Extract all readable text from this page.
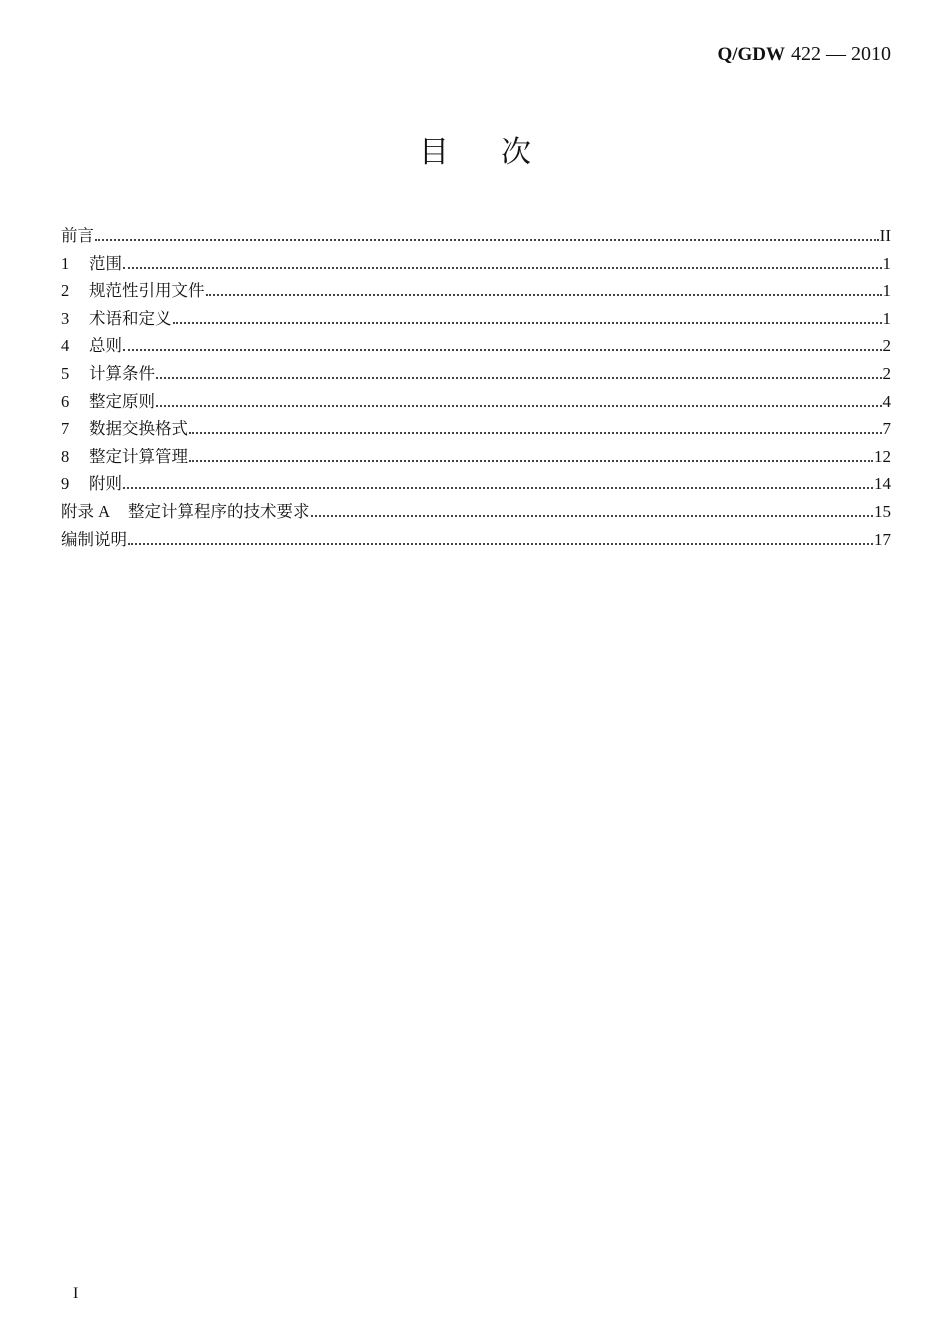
Q/GDW 422 — 2010
目次
前言	II
1 范围	1
2 规范性引用文件	1
3 术语和定义	1
4 总则	2
5 计算条件	2
6 整定原则	4
7 数据交换格式	7
8 整定计算管理	12
9 附则	14
附录 A 整定计算程序的技术要求	15
编制说明	17
I
